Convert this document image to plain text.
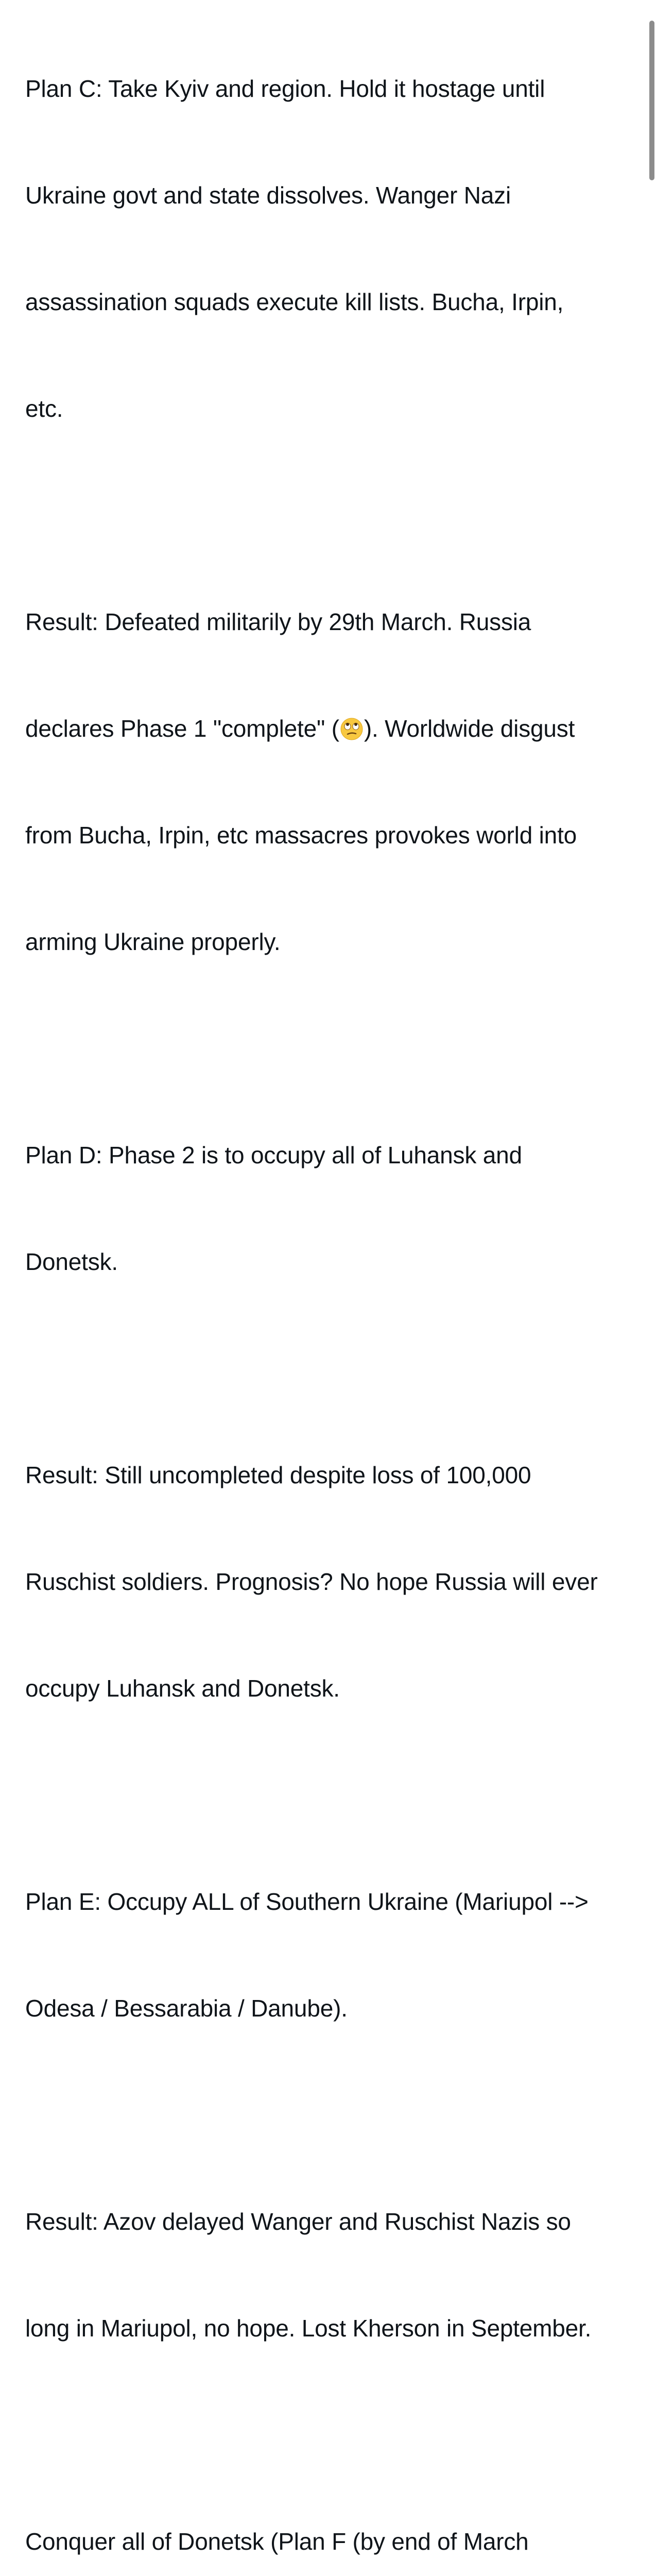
Plan C: Take Kyiv and region. Hold it hostage until

Ukraine govt and state dissolves. Wanger Nazi

assassination squads execute kill lists. Bucha, Irpin,

etc.

Result: Defeated militarily by 29th March. Russia

declares Phase 1 "complete" ( ). Worldwide disgust

from Bucha, Irpin, etc massacres provokes world into

arming Ukraine properly.

Plan D: Phase 2 is to occupy all of Luhansk and

Donetsk.

Result: Still uncompleted despite loss of 100,000

Ruschist soldiers. Prognosis? No hope Russia will ever

occupy Luhansk and Donetsk.

Plan E: Occupy ALL of Southern Ukraine (Mariupol -->

Odesa / Bessarabia / Danube).

Result: Azov delayed Wanger and Ruschist Nazis so

long in Mariupol, no hope. Lost Kherson in September.

Conquer all of Donetsk (Plan F (by end of March
